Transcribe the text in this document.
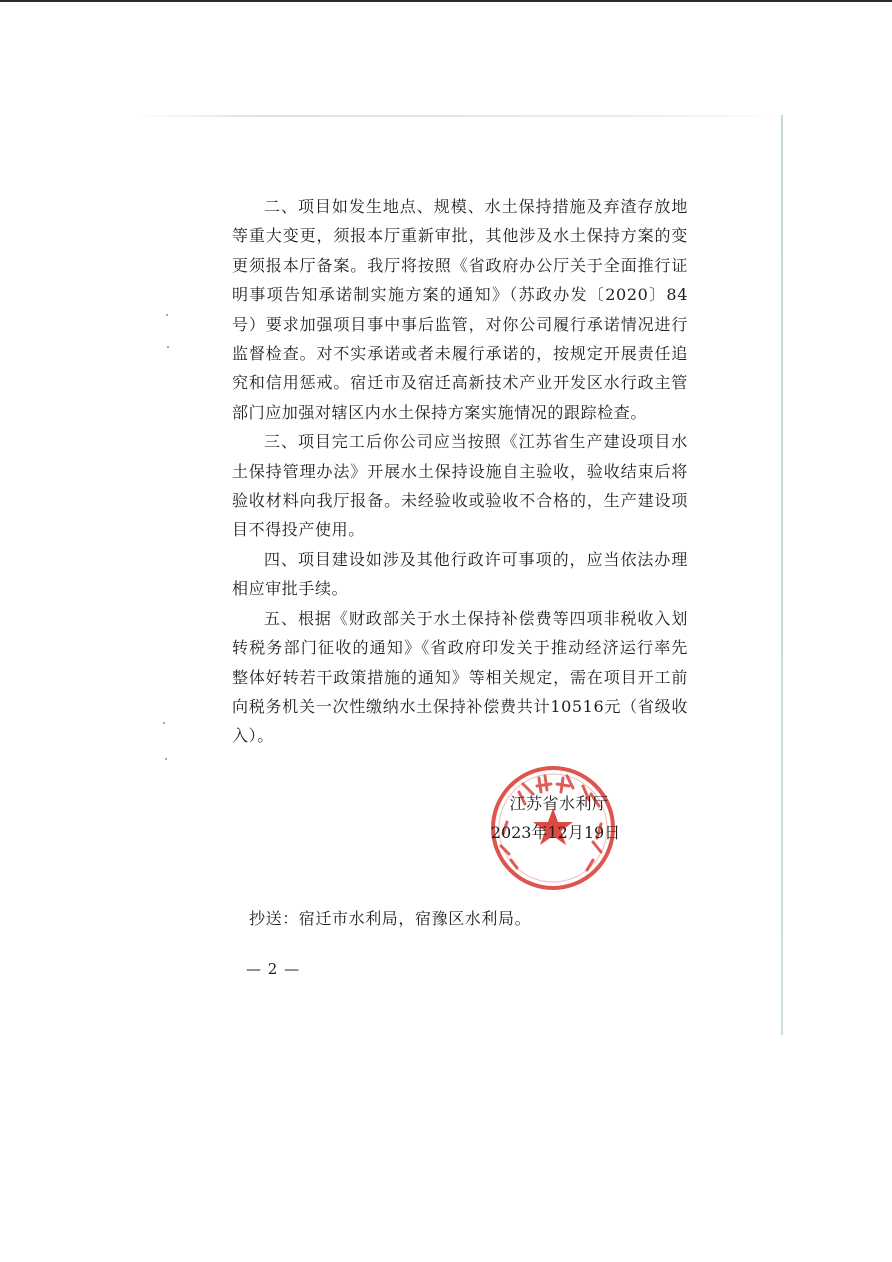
二、项目如发生地点、规模、水土保持措施及弃渣存放地等重大变更，须报本厅重新审批，其他涉及水土保持方案的变更须报本厅备案。我厅将按照《省政府办公厅关于全面推行证明事项告知承诺制实施方案的通知》（苏政办发〔2020〕84号）要求加强项目事中事后监管，对你公司履行承诺情况进行监督检查。对不实承诺或者未履行承诺的，按规定开展责任追究和信用惩戒。宿迁市及宿迁高新技术产业开发区水行政主管部门应加强对辖区内水土保持方案实施情况的跟踪检查。

三、项目完工后你公司应当按照《江苏省生产建设项目水土保持管理办法》开展水土保持设施自主验收，验收结束后将验收材料向我厅报备。未经验收或验收不合格的，生产建设项目不得投产使用。

四、项目建设如涉及其他行政许可事项的，应当依法办理相应审批手续。

五、根据《财政部关于水土保持补偿费等四项非税收入划转税务部门征收的通知》《省政府印发关于推动经济运行率先整体好转若干政策措施的通知》等相关规定，需在项目开工前向税务机关一次性缴纳水土保持补偿费共计10516元（省级收入）。

江苏省水利厅
2023年12月19日
抄送：宿迁市水利局，宿豫区水利局。
— 2 —
